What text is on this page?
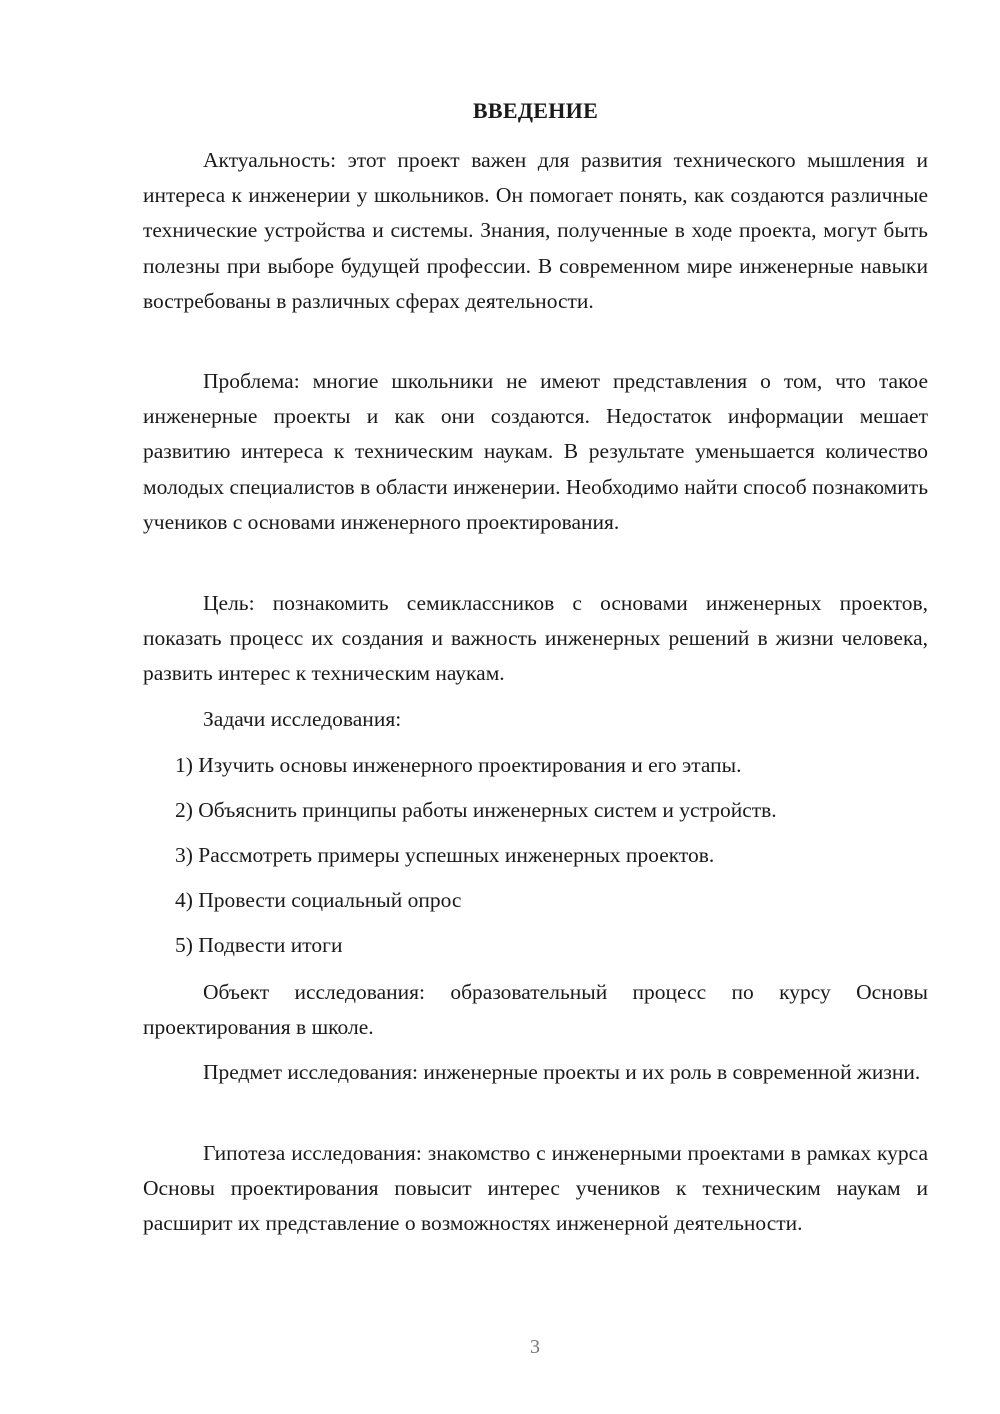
ВВЕДЕНИЕ

Актуальность: этот проект важен для развития технического мышления и интереса к инженерии у школьников. Он помогает понять, как создаются различные технические устройства и системы. Знания, полученные в ходе проекта, могут быть полезны при выборе будущей профессии. В современном мире инженерные навыки востребованы в различных сферах деятельности.

Проблема: многие школьники не имеют представления о том, что такое инженерные проекты и как они создаются. Недостаток информации мешает развитию интереса к техническим наукам. В результате уменьшается количество молодых специалистов в области инженерии. Необходимо найти способ познакомить учеников с основами инженерного проектирования.

Цель: познакомить семиклассников с основами инженерных проектов, показать процесс их создания и важность инженерных решений в жизни человека, развить интерес к техническим наукам.

Задачи исследования:

1) Изучить основы инженерного проектирования и его этапы.

2) Объяснить принципы работы инженерных систем и устройств.

3) Рассмотреть примеры успешных инженерных проектов.

4) Провести социальный опрос

5) Подвести итоги

Объект исследования: образовательный процесс по курсу Основы проектирования в школе.

Предмет исследования: инженерные проекты и их роль в современной жизни.

Гипотеза исследования: знакомство с инженерными проектами в рамках курса Основы проектирования повысит интерес учеников к техническим наукам и расширит их представление о возможностях инженерной деятельности.

3
